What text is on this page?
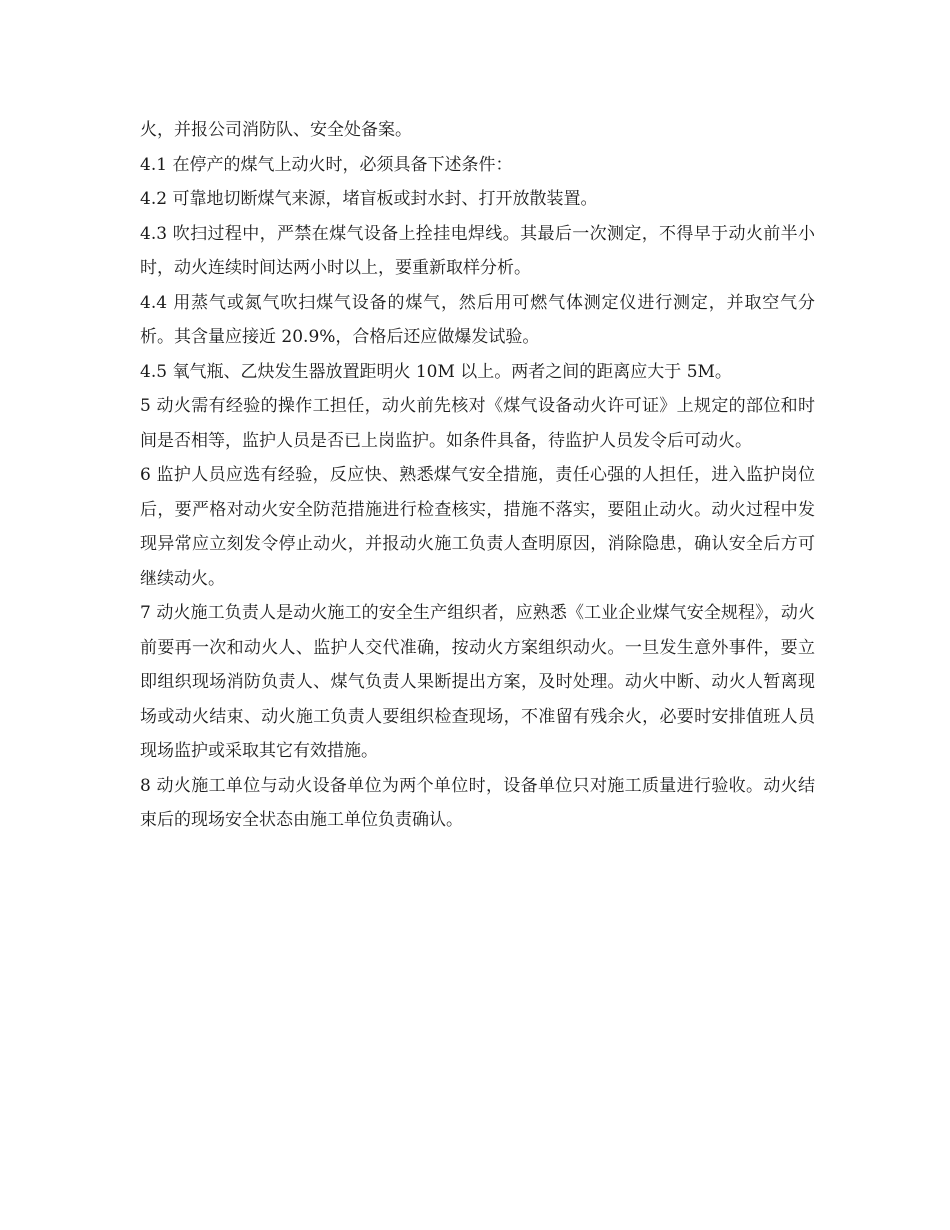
火，并报公司消防队、安全处备案。

4.1 在停产的煤气上动火时，必须具备下述条件：

4.2 可靠地切断煤气来源，堵盲板或封水封、打开放散装置。

4.3 吹扫过程中，严禁在煤气设备上拴挂电焊线。其最后一次测定，不得早于动火前半小时，动火连续时间达两小时以上，要重新取样分析。

4.4 用蒸气或氮气吹扫煤气设备的煤气，然后用可燃气体测定仪进行测定，并取空气分析。其含量应接近 20.9%，合格后还应做爆发试验。

4.5 氧气瓶、乙炔发生器放置距明火 10M 以上。两者之间的距离应大于 5M。

5 动火需有经验的操作工担任，动火前先核对《煤气设备动火许可证》上规定的部位和时间是否相等，监护人员是否已上岗监护。如条件具备，待监护人员发令后可动火。

6 监护人员应选有经验，反应快、熟悉煤气安全措施，责任心强的人担任，进入监护岗位后，要严格对动火安全防范措施进行检查核实，措施不落实，要阻止动火。动火过程中发现异常应立刻发令停止动火，并报动火施工负责人查明原因，消除隐患，确认安全后方可继续动火。

7 动火施工负责人是动火施工的安全生产组织者，应熟悉《工业企业煤气安全规程》，动火前要再一次和动火人、监护人交代准确，按动火方案组织动火。一旦发生意外事件，要立即组织现场消防负责人、煤气负责人果断提出方案，及时处理。动火中断、动火人暂离现场或动火结束、动火施工负责人要组织检查现场，不准留有残余火，必要时安排值班人员现场监护或采取其它有效措施。

8 动火施工单位与动火设备单位为两个单位时，设备单位只对施工质量进行验收。动火结束后的现场安全状态由施工单位负责确认。
